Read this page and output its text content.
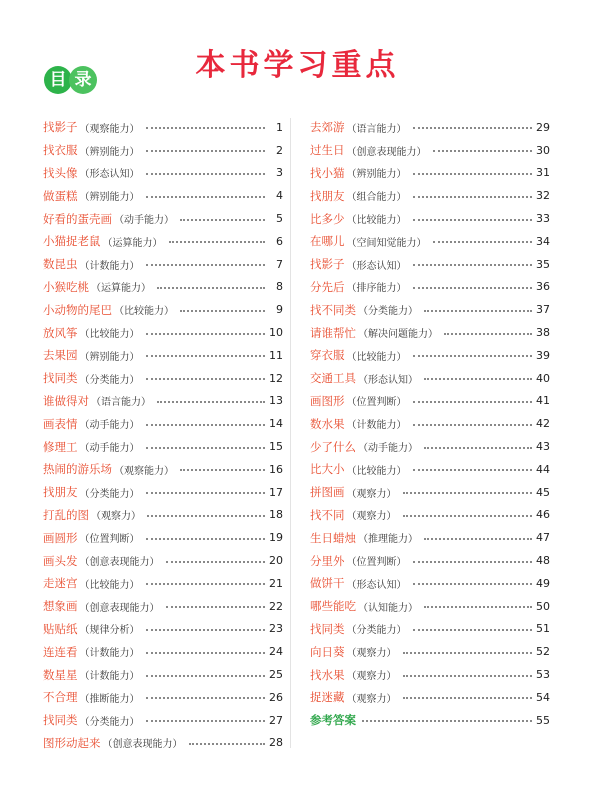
本书学习重点
目 录
找影子 （观察能力）	1
找衣服 （辨别能力）	2
找头像 （形态认知）	3
做蛋糕 （辨别能力）	4
好看的蛋壳画 （动手能力）	5
小猫捉老鼠 （运算能力）	6
数昆虫 （计数能力）	7
小猴吃桃 （运算能力）	8
小动物的尾巴 （比较能力）	9
放风筝 （比较能力）	10
去果园 （辨别能力）	11
找同类 （分类能力）	12
谁做得对 （语言能力）	13
画表情 （动手能力）	14
修理工 （动手能力）	15
热闹的游乐场 （观察能力）	16
找朋友 （分类能力）	17
打乱的图 （观察力）	18
画圆形 （位置判断）	19
画头发 （创意表现能力）	20
走迷宫 （比较能力）	21
想象画 （创意表现能力）	22
贴贴纸 （规律分析）	23
连连看 （计数能力）	24
数星星 （计数能力）	25
不合理 （推断能力）	26
找同类 （分类能力）	27
图形动起来 （创意表现能力）	28
去郊游 （语言能力）	29
过生日 （创意表现能力）	30
找小猫 （辨别能力）	31
找朋友 （组合能力）	32
比多少 （比较能力）	33
在哪儿 （空间知觉能力）	34
找影子 （形态认知）	35
分先后 （排序能力）	36
找不同类 （分类能力）	37
请谁帮忙 （解决问题能力）	38
穿衣服 （比较能力）	39
交通工具 （形态认知）	40
画图形 （位置判断）	41
数水果 （计数能力）	42
少了什么 （动手能力）	43
比大小 （比较能力）	44
拼图画 （观察力）	45
找不同 （观察力）	46
生日蜡烛 （推理能力）	47
分里外 （位置判断）	48
做饼干 （形态认知）	49
哪些能吃 （认知能力）	50
找同类 （分类能力）	51
向日葵 （观察力）	52
找水果 （观察力）	53
捉迷藏 （观察力）	54
参考答案	55
